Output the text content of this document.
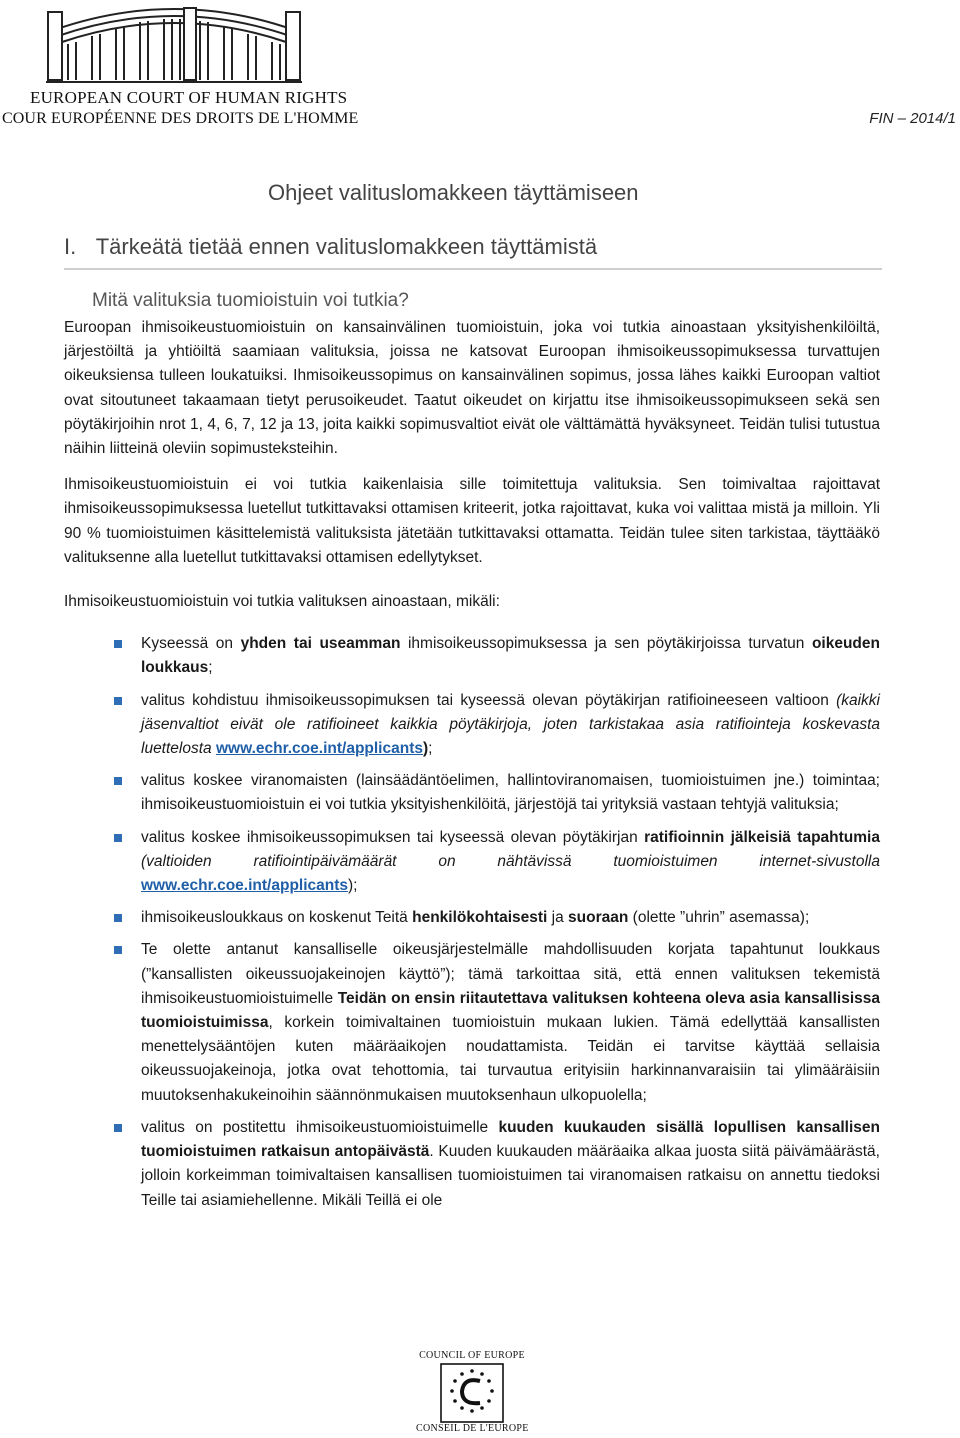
EUROPEAN COURT OF HUMAN RIGHTS
COUR EUROPÉENNE DES DROITS DE L'HOMME	FIN – 2014/1
Ohjeet valituslomakkeen täyttämiseen
I. Tärkeätä tietää ennen valituslomakkeen täyttämistä
Mitä valituksia tuomioistuin voi tutkia?

Euroopan ihmisoikeustuomioistuin on kansainvälinen tuomioistuin, joka voi tutkia ainoastaan yksityishenkilöiltä, järjestöiltä ja yhtiöiltä saamiaan valituksia, joissa ne katsovat Euroopan ihmisoikeussopimuksessa turvattujen oikeuksiensa tulleen loukatuiksi. Ihmisoikeussopimus on kansainvälinen sopimus, jossa lähes kaikki Euroopan valtiot ovat sitoutuneet takaamaan tietyt perusoikeudet. Taatut oikeudet on kirjattu itse ihmisoikeussopimukseen sekä sen pöytäkirjoihin nrot 1, 4, 6, 7, 12 ja 13, joita kaikki sopimusvaltiot eivät ole välttämättä hyväksyneet. Teidän tulisi tutustua näihin liitteinä oleviin sopimusteksteihin.

Ihmisoikeustuomioistuin ei voi tutkia kaikenlaisia sille toimitettuja valituksia. Sen toimivaltaa rajoittavat ihmisoikeussopimuksessa luetellut tutkittavaksi ottamisen kriteerit, jotka rajoittavat, kuka voi valittaa mistä ja milloin. Yli 90 % tuomioistuimen käsittelemistä valituksista jätetään tutkittavaksi ottamatta. Teidän tulee siten tarkistaa, täyttääkö valituksenne alla luetellut tutkittavaksi ottamisen edellytykset.

Ihmisoikeustuomioistuin voi tutkia valituksen ainoastaan, mikäli:

Kyseessä on yhden tai useamman ihmisoikeussopimuksessa ja sen pöytäkirjoissa turvatun oikeuden loukkaus;
valitus kohdistuu ihmisoikeussopimuksen tai kyseessä olevan pöytäkirjan ratifioineeseen valtioon (kaikki jäsenvaltiot eivät ole ratifioineet kaikkia pöytäkirjoja, joten tarkistakaa asia ratifiointeja koskevasta luettelosta www.echr.coe.int/applicants);
valitus koskee viranomaisten (lainsäädäntöelimen, hallintoviranomaisen, tuomioistuimen jne.) toimintaa; ihmisoikeustuomioistuin ei voi tutkia yksityishenkilöitä, järjestöjä tai yrityksiä vastaan tehtyjä valituksia;
valitus koskee ihmisoikeussopimuksen tai kyseessä olevan pöytäkirjan ratifioinnin jälkeisiä tapahtumia (valtioiden ratifiointipäivämäärät on nähtävissä tuomioistuimen internet-sivustolla www.echr.coe.int/applicants);
ihmisoikeusloukkaus on koskenut Teitä henkilökohtaisesti ja suoraan (olette ”uhrin” asemassa);
Te olette antanut kansalliselle oikeusjärjestelmälle mahdollisuuden korjata tapahtunut loukkaus (”kansallisten oikeussuojakeinojen käyttö”); tämä tarkoittaa sitä, että ennen valituksen tekemistä ihmisoikeustuomioistuimelle Teidän on ensin riitautettava valituksen kohteena oleva asia kansallisissa tuomioistuimissa, korkein toimivaltainen tuomioistuin mukaan lukien. Tämä edellyttää kansallisten menettelysääntöjen kuten määräaikojen noudattamista. Teidän ei tarvitse käyttää sellaisia oikeussuojakeinoja, jotka ovat tehottomia, tai turvautua erityisiin harkinnanvaraisiin tai ylimääräisiin muutoksenhakukeinoihin säännönmukaisen muutoksenhaun ulkopuolella;
valitus on postitettu ihmisoikeustuomioistuimelle kuuden kuukauden sisällä lopullisen kansallisen tuomioistuimen ratkaisun antopäivästä. Kuuden kuukauden määräaika alkaa juosta siitä päivämäärästä, jolloin korkeimman toimivaltaisen kansallisen tuomioistuimen tai viranomaisen ratkaisu on annettu tiedoksi Teille tai asiamiehellenne. Mikäli Teillä ei ole
COUNCIL OF EUROPE
CONSEIL DE L'EUROPE
